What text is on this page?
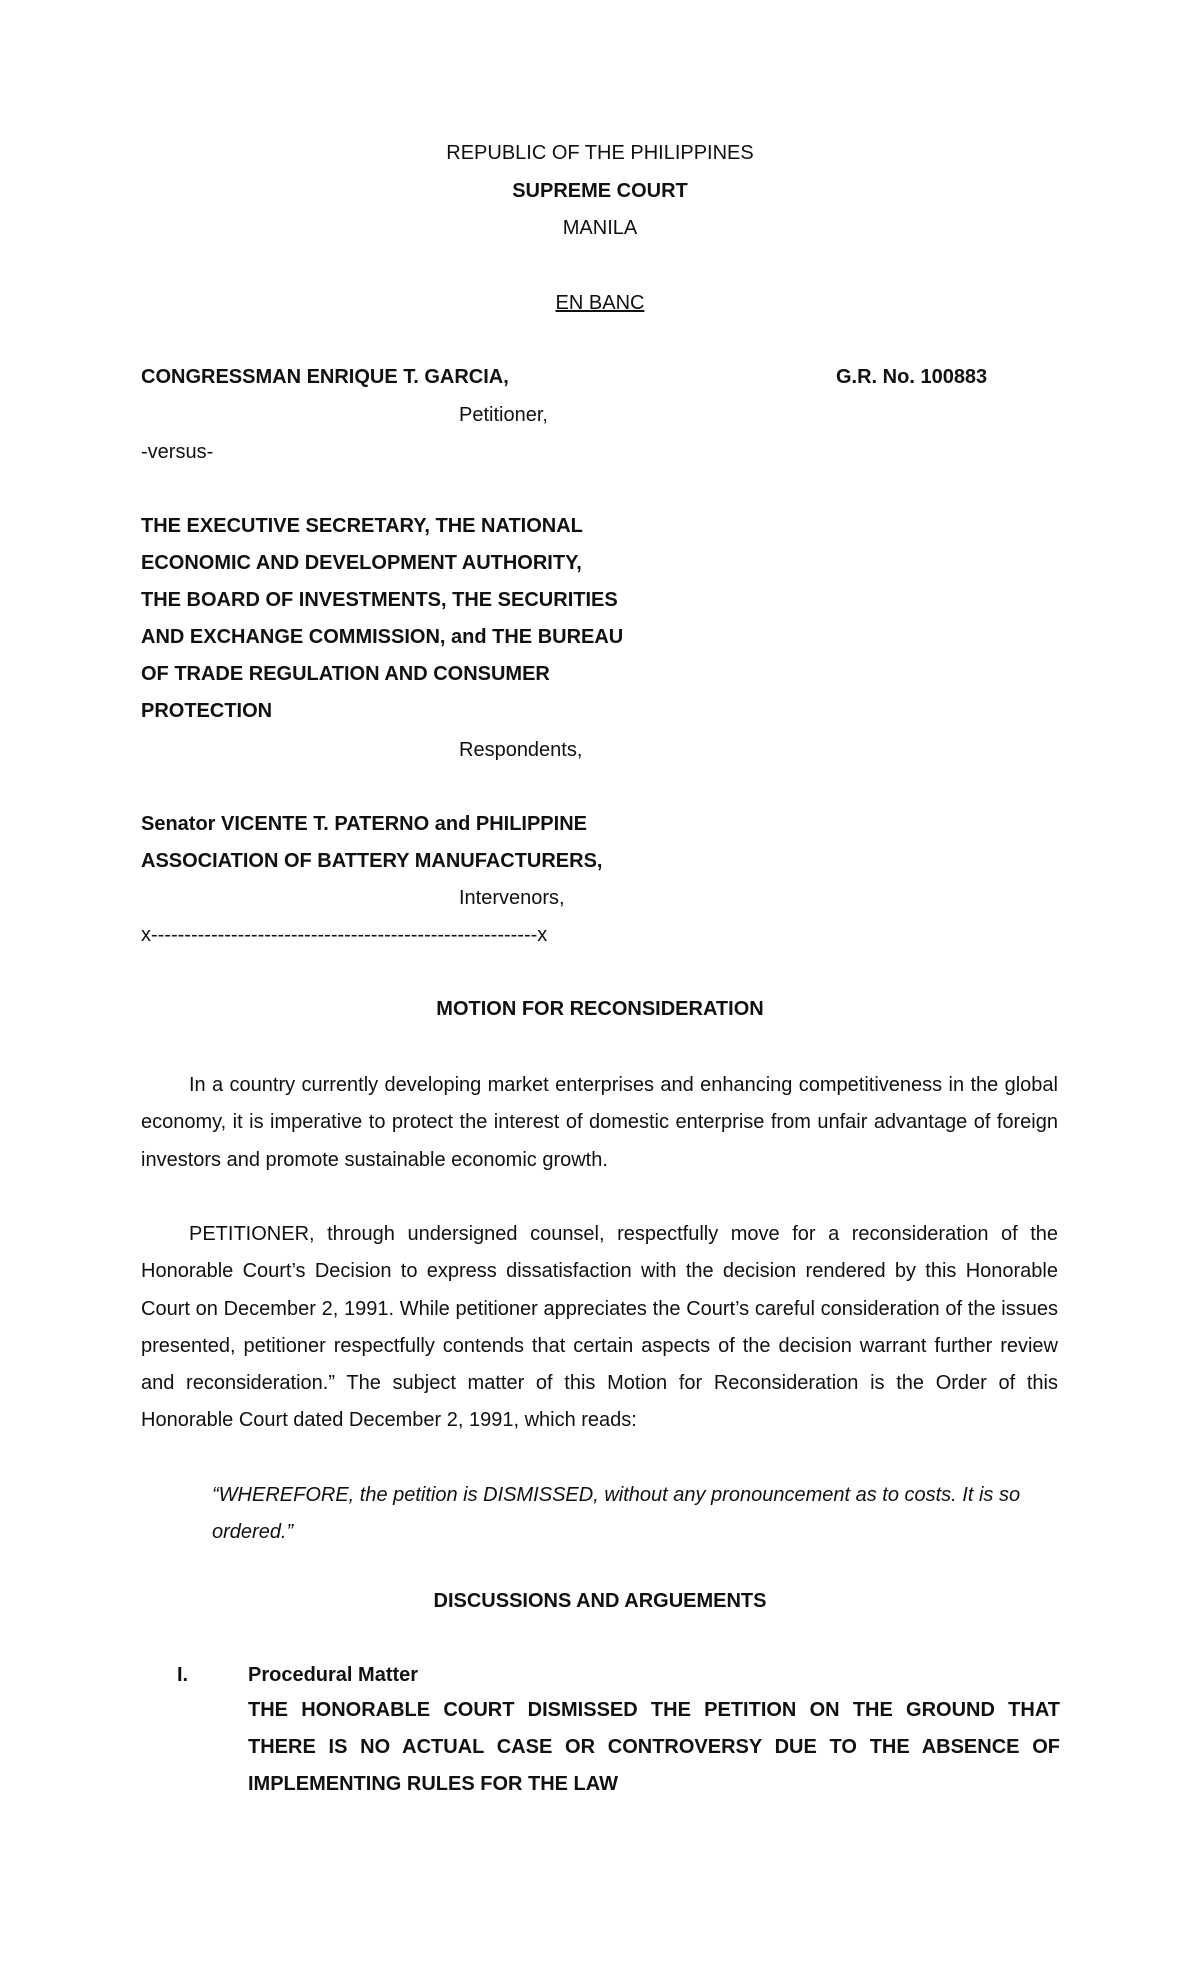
REPUBLIC OF THE PHILIPPINES
SUPREME COURT
MANILA
EN BANC
CONGRESSMAN ENRIQUE T. GARCIA,	G.R. No. 100883
Petitioner,
-versus-
THE EXECUTIVE SECRETARY, THE NATIONAL
ECONOMIC AND DEVELOPMENT AUTHORITY,
THE BOARD OF INVESTMENTS, THE SECURITIES
AND EXCHANGE COMMISSION, and THE BUREAU
OF TRADE REGULATION AND CONSUMER
PROTECTION
Respondents,
Senator VICENTE T. PATERNO and PHILIPPINE
ASSOCIATION OF BATTERY MANUFACTURERS,
Intervenors,
x----------------------------------------------------------x
MOTION FOR RECONSIDERATION
In a country currently developing market enterprises and enhancing competitiveness in the global economy, it is imperative to protect the interest of domestic enterprise from unfair advantage of foreign investors and promote sustainable economic growth.
PETITIONER, through undersigned counsel, respectfully move for a reconsideration of the Honorable Court’s Decision to express dissatisfaction with the decision rendered by this Honorable Court on December 2, 1991. While petitioner appreciates the Court’s careful consideration of the issues presented, petitioner respectfully contends that certain aspects of the decision warrant further review and reconsideration.” The subject matter of this Motion for Reconsideration is the Order of this Honorable Court dated December 2, 1991, which reads:
“WHEREFORE, the petition is DISMISSED, without any pronouncement as to costs. It is so ordered.”
DISCUSSIONS AND ARGUEMENTS
I.	Procedural Matter
THE HONORABLE COURT DISMISSED THE PETITION ON THE GROUND THAT THERE IS NO ACTUAL CASE OR CONTROVERSY DUE TO THE ABSENCE OF IMPLEMENTING RULES FOR THE LAW
